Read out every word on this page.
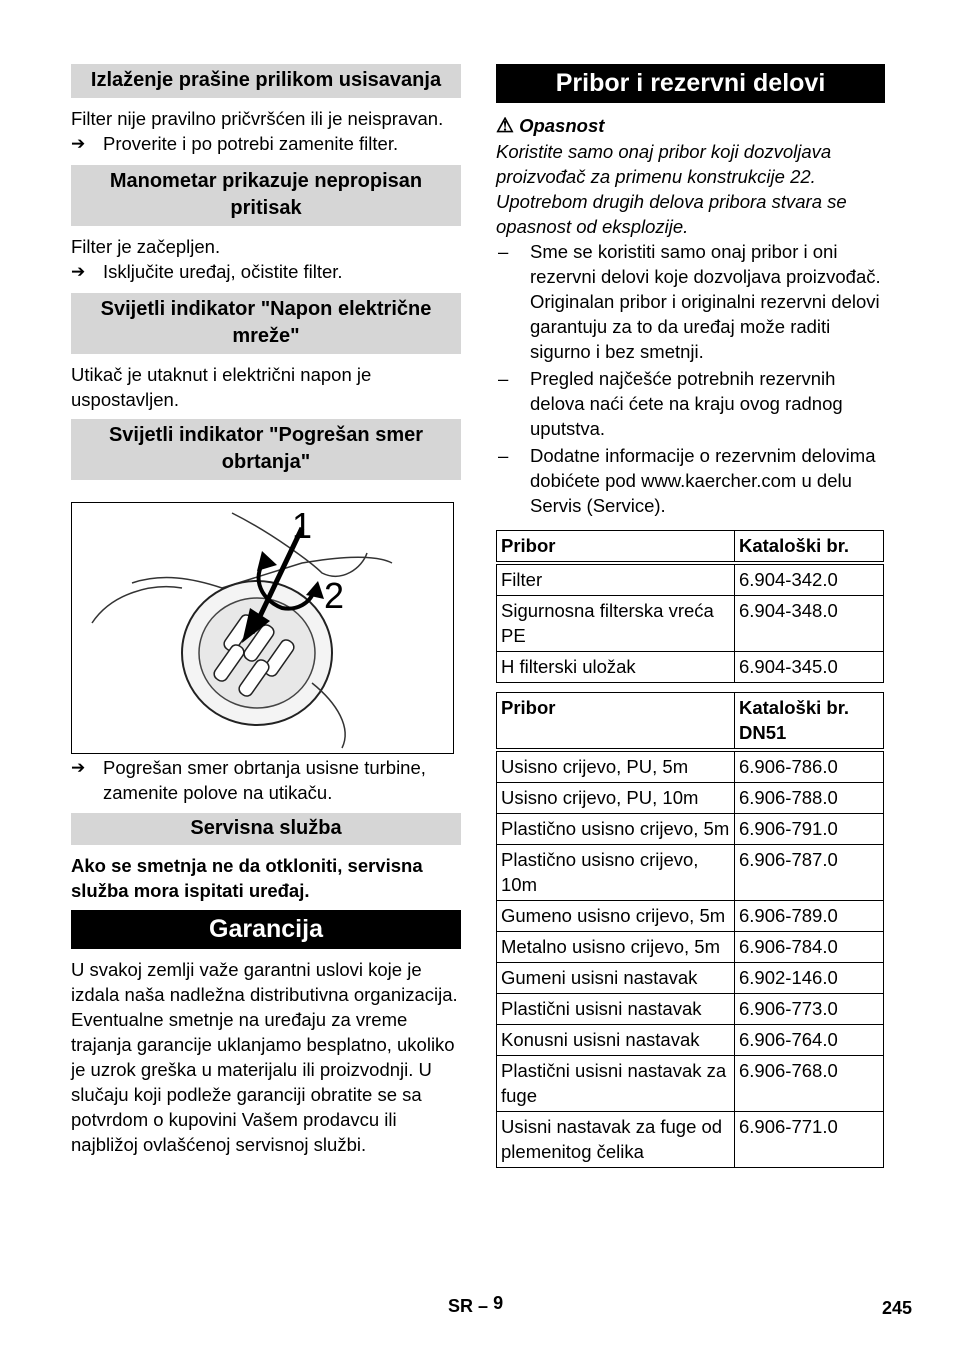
Izlaženje prašine prilikom usisavanja

Filter nije pravilno pričvršćen ili je neispravan.

➔ Proverite i po potrebi zamenite filter.
Manometar prikazuje nepropisan pritisak

Filter je začepljen.

➔ Isključite uređaj, očistite filter.
Svijetli indikator "Napon električne mreže"

Utikač je utaknut i električni napon je uspostavljen.

Svijetli indikator "Pogrešan smer obrtanja"
1
2
➔ Pogrešan smer obrtanja usisne turbine, zamenite polove na utikaču.
Servisna služba

Ako se smetnja ne da otkloniti, servisna služba mora ispitati uređaj.

Garancija

U svakoj zemlji važe garantni uslovi koje je izdala naša nadležna distributivna organizacija. Eventualne smetnje na uređaju za vreme trajanja garancije uklanjamo besplatno, ukoliko je uzrok greška u materijalu ili proizvodnji. U slučaju koji podleže garanciji obratite se sa potvrdom o kupovini Vašem prodavcu ili najbližoj ovlašćenoj servisnoj službi.

Pribor i rezervni delovi
⚠ Opasnost

Koristite samo onaj pribor koji dozvoljava proizvođač za primenu konstrukcije 22. Upotrebom drugih delova pribora stvara se opasnost od eksplozije.

–	Sme se koristiti samo onaj pribor i oni rezervni delovi koje dozvoljava proizvođač. Originalan pribor i originalni rezervni delovi garantuju za to da uređaj može raditi sigurno i bez smetnji.
–	Pregled najčešće potrebnih rezervnih delova naći ćete na kraju ovog radnog uputstva.
–	Dodatne informacije o rezervnim delovima dobićete pod www.kaercher.com u delu Servis (Service).
Pribor	Kataloški br.
Filter	6.904-342.0
Sigurnosna filterska vreća PE	6.904-348.0
H filterski uložak	6.904-345.0
Pribor	Kataloški br. DN51
Usisno crijevo, PU, 5m	6.906-786.0
Usisno crijevo, PU, 10m	6.906-788.0
Plastično usisno crijevo, 5m	6.906-791.0
Plastično usisno crijevo, 10m	6.906-787.0
Gumeno usisno crijevo, 5m	6.906-789.0
Metalno usisno crijevo, 5m	6.906-784.0
Gumeni usisni nastavak	6.902-146.0
Plastični usisni nastavak	6.906-773.0
Konusni usisni nastavak	6.906-764.0
Plastični usisni nastavak za fuge	6.906-768.0
Usisni nastavak za fuge od plemenitog čelika	6.906-771.0
SR – 9	245
